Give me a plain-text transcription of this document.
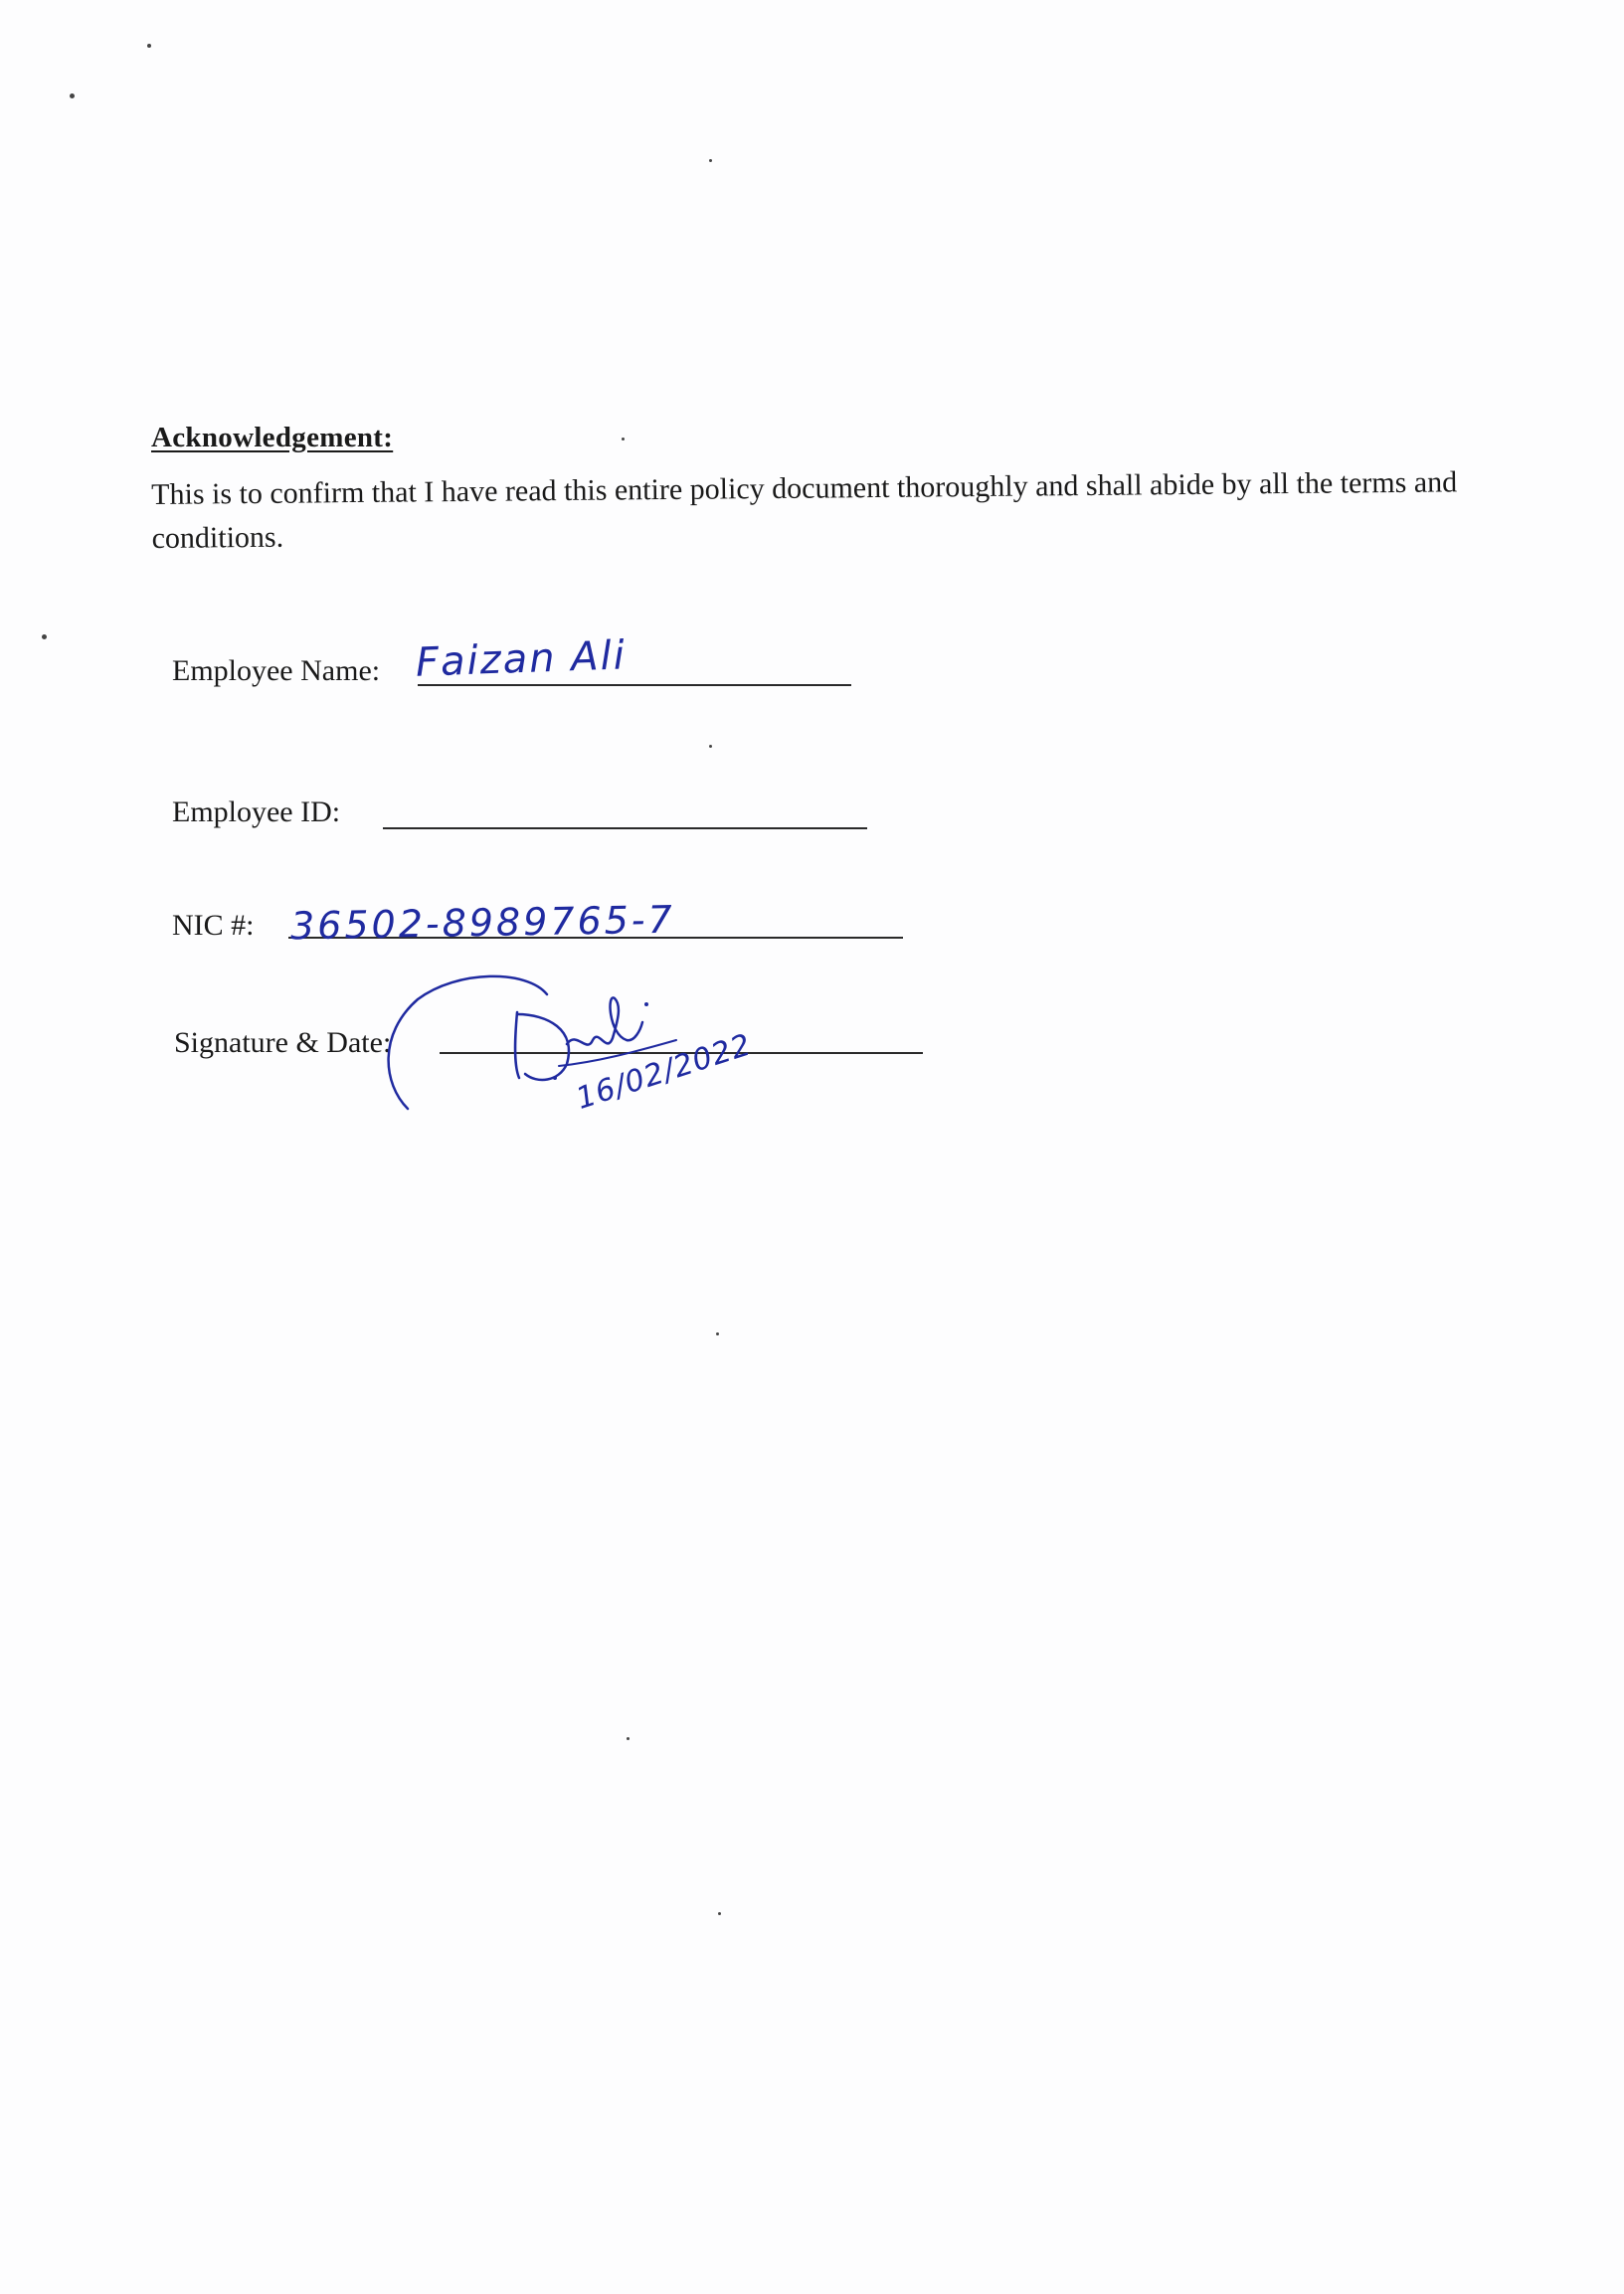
Acknowledgement:
This is to confirm that I have read this entire policy document thoroughly and shall abide by all the terms and conditions.
Employee Name: Faizan Ali
Employee ID:
NIC #: 36502-8989765-7
Signature & Date:	16/02/2022
